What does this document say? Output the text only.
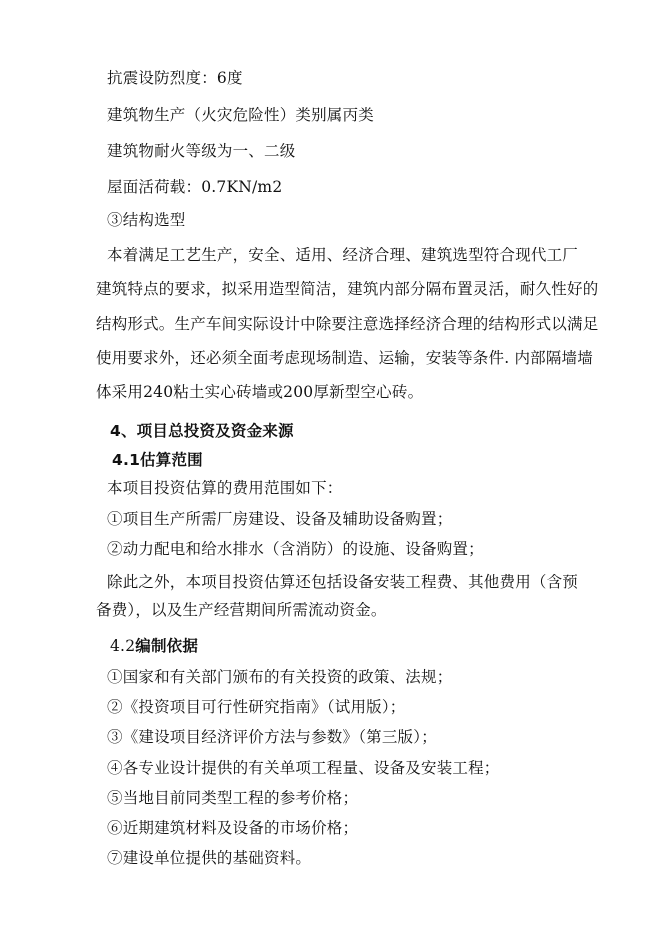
抗震设防烈度：6度
建筑物生产（火灾危险性）类别属丙类
建筑物耐火等级为一、二级
屋面活荷载：0.7KN/m2
③结构选型
本着满足工艺生产，安全、适用、经济合理、建筑选型符合现代工厂
建筑特点的要求，拟采用造型简洁，建筑内部分隔布置灵活，耐久性好的
结构形式。生产车间实际设计中除要注意选择经济合理的结构形式以满足
使用要求外，还必须全面考虑现场制造、运输，安装等条件. 内部隔墙墙
体采用240粘土实心砖墙或200厚新型空心砖。
4、项目总投资及资金来源
4.1估算范围
本项目投资估算的费用范围如下：
①项目生产所需厂房建设、设备及辅助设备购置；
②动力配电和给水排水（含消防）的设施、设备购置；
除此之外，本项目投资估算还包括设备安装工程费、其他费用（含预
备费），以及生产经营期间所需流动资金。
4.2编制依据
①国家和有关部门颁布的有关投资的政策、法规；
②《投资项目可行性研究指南》（试用版）；
③《建设项目经济评价方法与参数》（第三版）；
④各专业设计提供的有关单项工程量、设备及安装工程；
⑤当地目前同类型工程的参考价格；
⑥近期建筑材料及设备的市场价格；
⑦建设单位提供的基础资料。
